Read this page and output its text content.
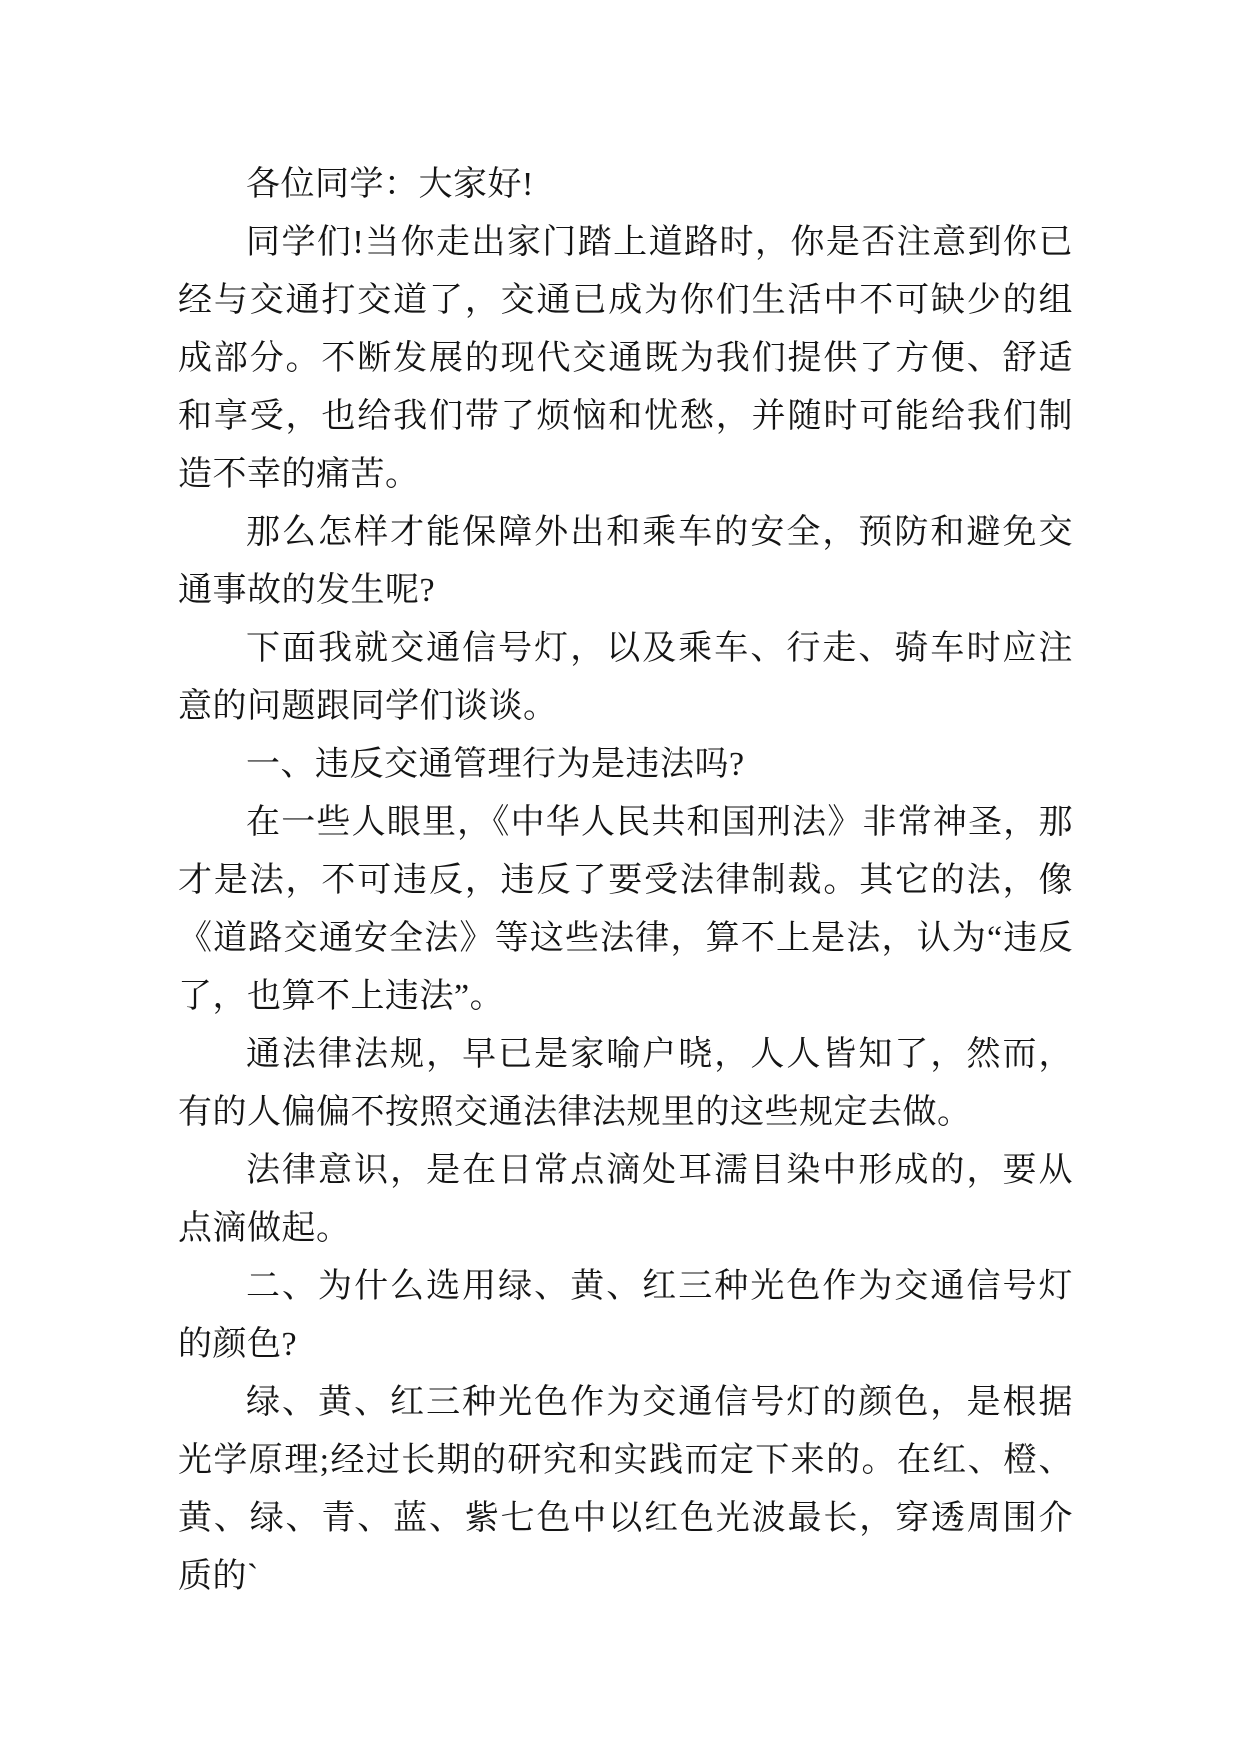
各位同学：大家好!

同学们!当你走出家门踏上道路时，你是否注意到你已经与交通打交道了，交通已成为你们生活中不可缺少的组成部分。不断发展的现代交通既为我们提供了方便、舒适和享受，也给我们带了烦恼和忧愁，并随时可能给我们制造不幸的痛苦。

那么怎样才能保障外出和乘车的安全，预防和避免交通事故的发生呢?

下面我就交通信号灯，以及乘车、行走、骑车时应注意的问题跟同学们谈谈。

一、违反交通管理行为是违法吗?

在一些人眼里，《中华人民共和国刑法》非常神圣，那才是法，不可违反，违反了要受法律制裁。其它的法，像《道路交通安全法》等这些法律，算不上是法，认为“违反了，也算不上违法”。

通法律法规，早已是家喻户晓，人人皆知了，然而，有的人偏偏不按照交通法律法规里的这些规定去做。

法律意识，是在日常点滴处耳濡目染中形成的，要从点滴做起。

二、为什么选用绿、黄、红三种光色作为交通信号灯的颜色?

绿、黄、红三种光色作为交通信号灯的颜色，是根据光学原理;经过长期的研究和实践而定下来的。在红、橙、黄、绿、青、蓝、紫七色中以红色光波最长，穿透周围介质的`
